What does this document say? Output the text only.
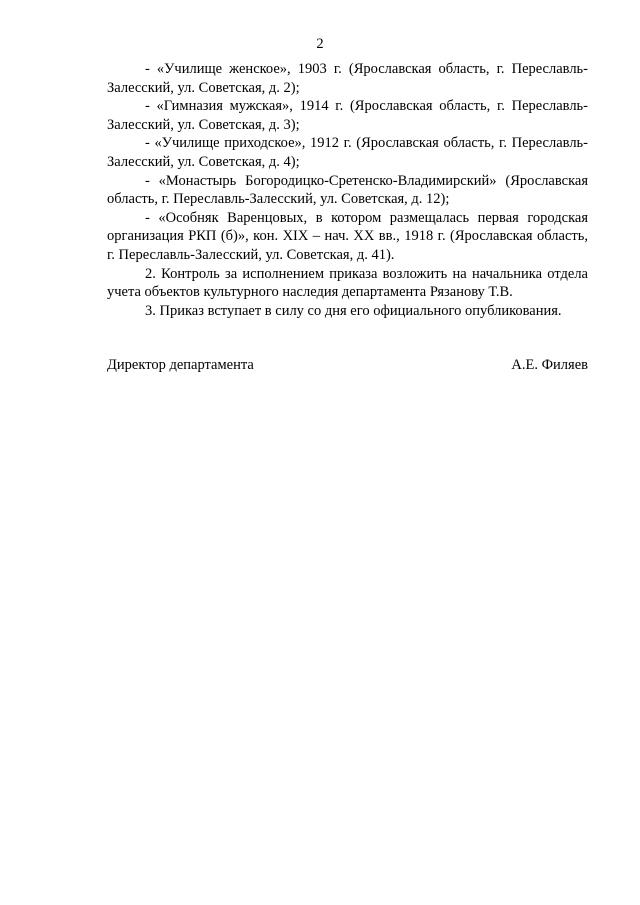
2

- «Училище женское», 1903 г. (Ярославская область, г. Переславль-Залесский, ул. Советская, д. 2);

- «Гимназия мужская», 1914 г. (Ярославская область, г. Переславль-Залесский, ул. Советская, д. 3);

- «Училище приходское», 1912 г. (Ярославская область, г. Переславль-Залесский, ул. Советская, д. 4);

- «Монастырь Богородицко-Сретенско-Владимирский» (Ярославская область, г. Переславль-Залесский, ул. Советская, д. 12);

- «Особняк Варенцовых, в котором размещалась первая городская организация РКП (б)», кон. XIX – нач. XX вв., 1918 г. (Ярославская область, г. Переславль-Залесский, ул. Советская, д. 41).

2. Контроль за исполнением приказа возложить на начальника отдела учета объектов культурного наследия департамента Рязанову Т.В.

3. Приказ вступает в силу со дня его официального опубликования.

Директор департамента	А.Е. Филяев
